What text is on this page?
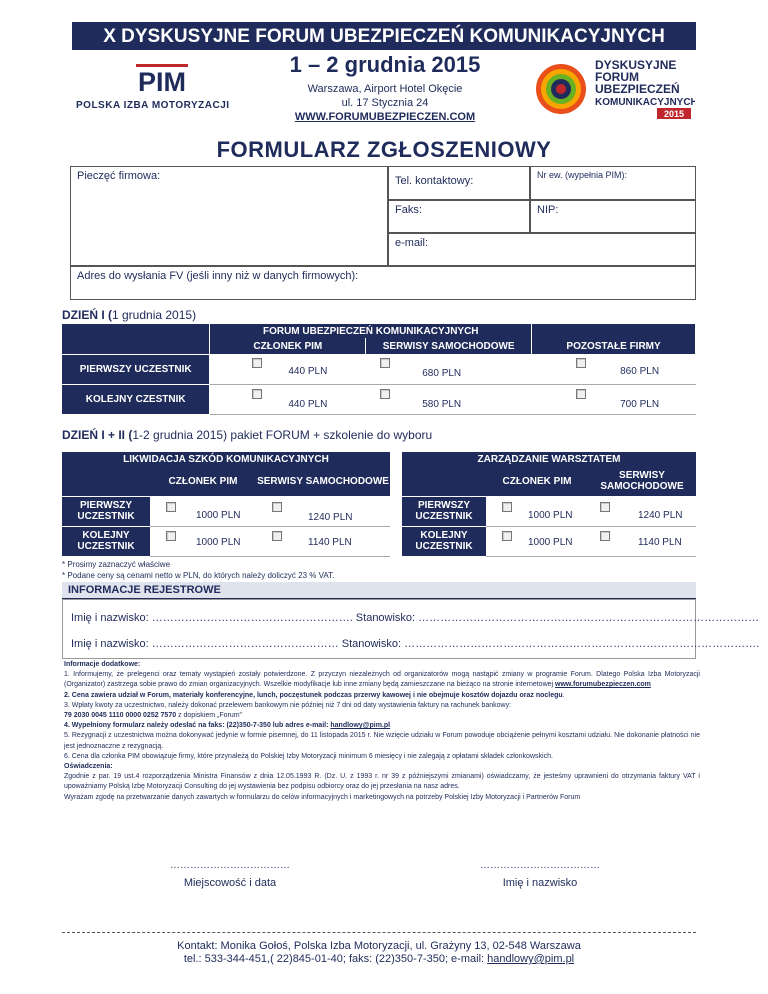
X DYSKUSYJNE FORUM UBEZPIECZEŃ KOMUNIKACYJNYCH
PIM
POLSKA IZBA MOTORYZACJI
1 – 2 grudnia 2015
Warszawa, Airport Hotel Okęcie
ul. 17 Stycznia 24
WWW.FORUMUBEZPIECZEN.COM
DYSKUSYJNE
FORUM
UBEZPIECZEŃ
KOMUNIKACYJNYCH
2015
FORMULARZ ZGŁOSZENIOWY
Pieczęć firmowa:	Tel. kontaktowy:	Nr ew. (wypełnia PIM):
Faks:	NIP:
e-mail:
Adres do wysłania FV (jeśli inny niż w danych firmowych):
DZIEŃ I (1 grudnia 2015)
	FORUM UBEZPIECZEŃ KOMUNIKACYJNYCH		
	CZŁONEK PIM	SERWISY SAMOCHODOWE	POZOSTAŁE FIRMY
PIERWSZY UCZESTNIK	440 PLN	680 PLN	860 PLN

KOLEJNY CZESTNIK	440 PLN	580 PLN	700 PLN
DZIEŃ I + II (1-2 grudnia 2015) pakiet FORUM + szkolenie do wyboru
LIKWIDACJA SZKÓD KOMUNIKACYJNYCH		
	CZŁONEK PIM	SERWISY SAMOCHODOWE
PIERWSZY UCZESTNIK	1000 PLN	1240 PLN

KOLEJNY UCZESTNIK	1000 PLN	1140 PLN
ZARZĄDZANIE WARSZTATEM		
	CZŁONEK PIM	SERWISY SAMOCHODOWE
PIERWSZY UCZESTNIK	1000 PLN	1240 PLN

KOLEJNY UCZESTNIK	1000 PLN	1140 PLN
* Prosimy zaznaczyć właściwe
* Podane ceny są cenami netto w PLN, do których należy doliczyć 23 % VAT.
INFORMACJE REJESTROWE
Imię i nazwisko: ………………………………………………. Stanowisko: …………………………………………………………………………………
Imię i nazwisko: …………………………………………… Stanowisko: …………………………………………………………………………………….
Informacje dodatkowe:
1. Informujemy, że prelegenci oraz tematy wystąpień zostały potwierdzone. Z przyczyn niezależnych od organizatorów mogą nastąpić zmiany w programie Forum. Dlatego Polska Izba Motoryzacji (Organizator) zastrzega sobie prawo do zmian organizacyjnych. Wszelkie modyfikacje lub inne zmiany będą zamieszczane na bieżąco na stronie internetowej www.forumubezpieczen.com
2. Cena zawiera udział w Forum, materiały konferencyjne, lunch, poczęstunek podczas przerwy kawowej i nie obejmuje kosztów dojazdu oraz noclegu.
3. Wpłaty kwoty za uczestnictwo, należy dokonać przelewem bankowym nie później niż 7 dni od daty wystawienia faktury na rachunek bankowy:
79 2030 0045 1110 0000 0252 7570 z dopiskiem „Forum”
4. Wypełniony formularz należy odesłać na faks: (22)350-7-350 lub adres e-mail: handlowy@pim.pl
5. Rezygnacji z uczestnictwa można dokonywać jedynie w formie pisemnej, do 11 listopada 2015 r. Nie wzięcie udziału w Forum powoduje obciążenie pełnymi kosztami udziału. Nie dokonanie płatności nie jest jednoznaczne z rezygnacją.
6. Cena dla członka PIM obowiązuje firmy, które przynależą do Polskiej Izby Motoryzacji minimum 6 miesięcy i nie zalegają z opłatami składek członkowskich.
Oświadczenia:
Zgodnie z par. 19 ust.4 rozporządzenia Ministra Finansów z dnia 12.05.1993 R. (Dz. U. z 1993 r. nr 39 z późniejszymi zmianami) oświadczamy, że jesteśmy uprawnieni do otrzymania faktury VAT i upoważniamy Polską Izbę Motoryzacji Consulting do jej wystawienia bez podpisu odbiorcy oraz do jej przesłania na nasz adres.
Wyrażam zgodę na przetwarzanie danych zawartych w formularzu do celów informacyjnych i marketingowych na potrzeby Polskiej Izby Motoryzacji i Partnerów Forum
………………………………
Miejscowość i data
………………………………
Imię i nazwisko
Kontakt: Monika Gołoś, Polska Izba Motoryzacji, ul. Grażyny 13, 02-548 Warszawa
tel.: 533-344-451,( 22)845-01-40; faks: (22)350-7-350; e-mail: handlowy@pim.pl
